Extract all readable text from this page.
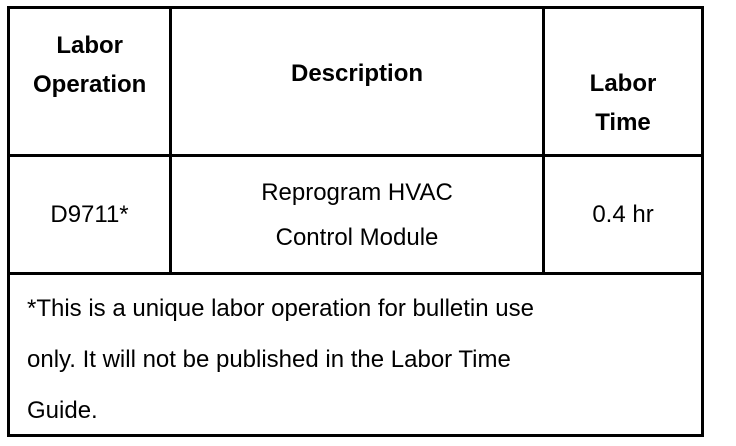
Labor
Operation	Description	Labor
Time
D9711*
Reprogram HVAC
Control Module
0.4 hr
*This is a unique labor operation for bulletin use
only. It will not be published in the Labor Time
Guide.
